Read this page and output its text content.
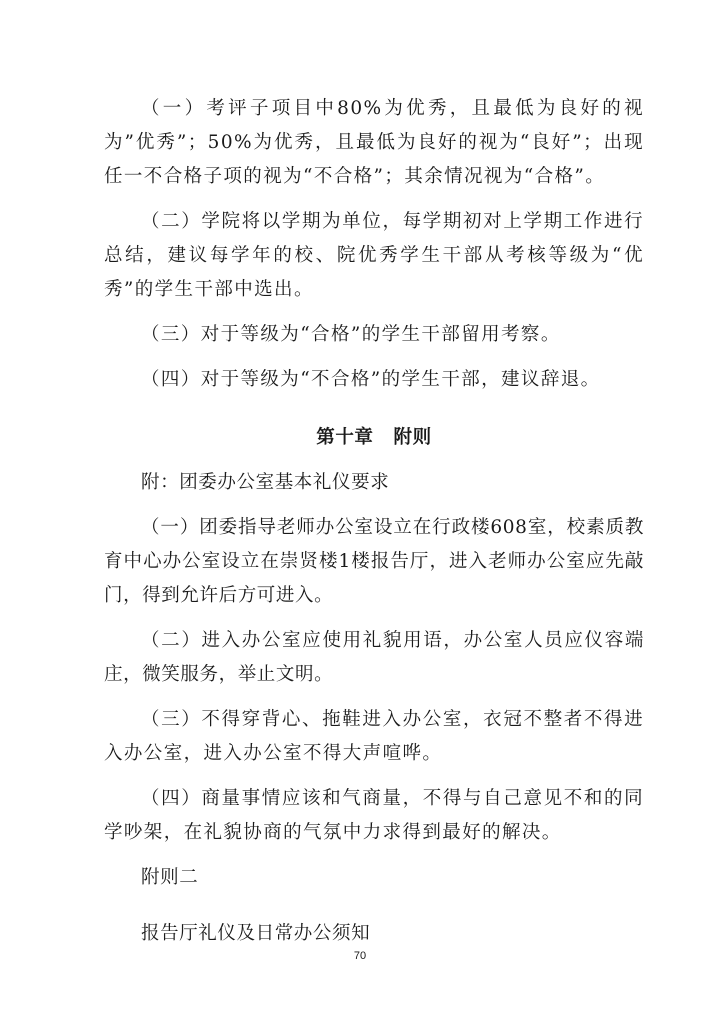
（一）考评子项目中80%为优秀，且最低为良好的视为”优秀”；50%为优秀，且最低为良好的视为“良好”；出现任一不合格子项的视为“不合格”；其余情况视为“合格”。

（二）学院将以学期为单位，每学期初对上学期工作进行总结，建议每学年的校、院优秀学生干部从考核等级为“优秀”的学生干部中选出。

（三）对于等级为“合格”的学生干部留用考察。

（四）对于等级为“不合格”的学生干部，建议辞退。

第十章 附则

附：团委办公室基本礼仪要求

（一）团委指导老师办公室设立在行政楼608室，校素质教育中心办公室设立在崇贤楼1楼报告厅，进入老师办公室应先敲门，得到允许后方可进入。

（二）进入办公室应使用礼貌用语，办公室人员应仪容端庄，微笑服务，举止文明。

（三）不得穿背心、拖鞋进入办公室，衣冠不整者不得进入办公室，进入办公室不得大声喧哗。

（四）商量事情应该和气商量，不得与自己意见不和的同学吵架，在礼貌协商的气氛中力求得到最好的解决。

附则二

报告厅礼仪及日常办公须知

70
